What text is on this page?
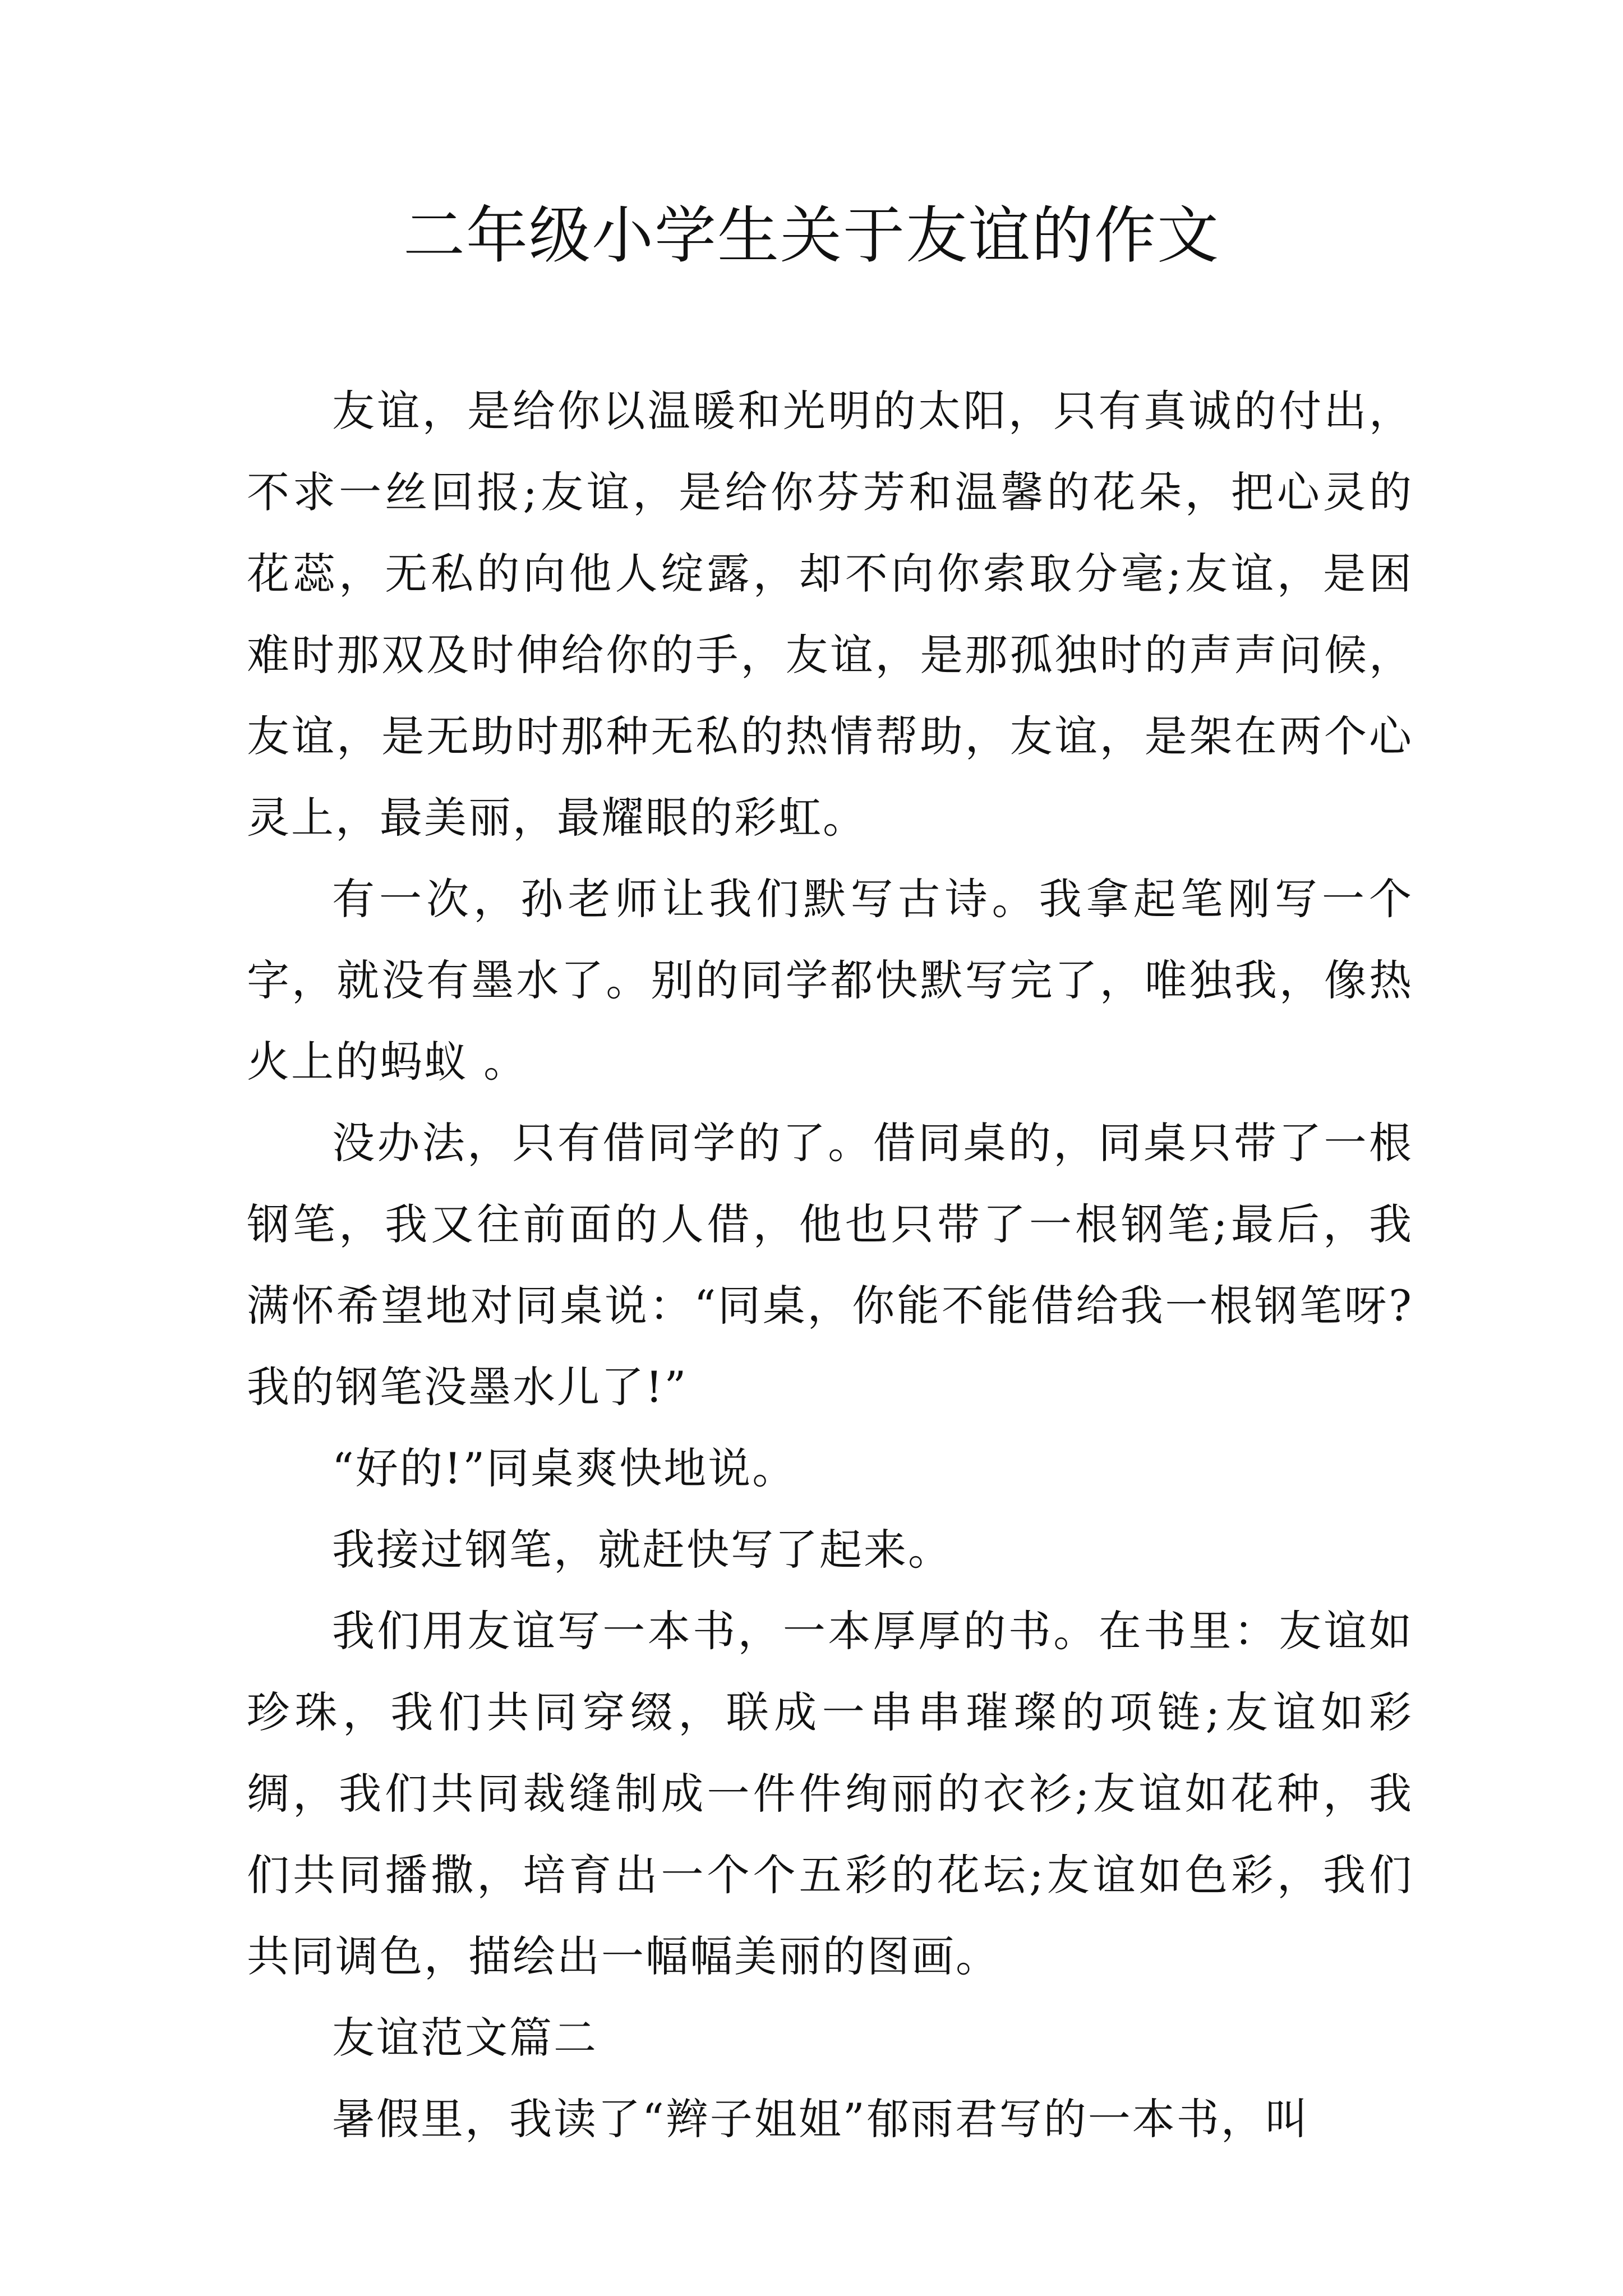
二年级小学生关于友谊的作文

友谊，是给你以温暖和光明的太阳，只有真诚的付出，不求一丝回报;友谊，是给你芬芳和温馨的花朵，把心灵的花蕊，无私的向他人绽露，却不向你索取分毫;友谊，是困难时那双及时伸给你的手，友谊，是那孤独时的声声问候，友谊，是无助时那种无私的热情帮助，友谊，是架在两个心灵上，最美丽，最耀眼的彩虹。

有一次，孙老师让我们默写古诗。我拿起笔刚写一个字，就没有墨水了。别的同学都快默写完了，唯独我，像热火上的蚂蚁 。

没办法，只有借同学的了。借同桌的，同桌只带了一根钢笔，我又往前面的人借，他也只带了一根钢笔;最后，我满怀希望地对同桌说：“同桌，你能不能借给我一根钢笔呀?我的钢笔没墨水儿了!”

“好的!”同桌爽快地说。

我接过钢笔，就赶快写了起来。

我们用友谊写一本书，一本厚厚的书。在书里：友谊如珍珠，我们共同穿缀，联成一串串璀璨的项链;友谊如彩绸，我们共同裁缝制成一件件绚丽的衣衫;友谊如花种，我们共同播撒，培育出一个个五彩的花坛;友谊如色彩，我们共同调色，描绘出一幅幅美丽的图画。

友谊范文篇二

暑假里，我读了“辫子姐姐”郁雨君写的一本书，叫
